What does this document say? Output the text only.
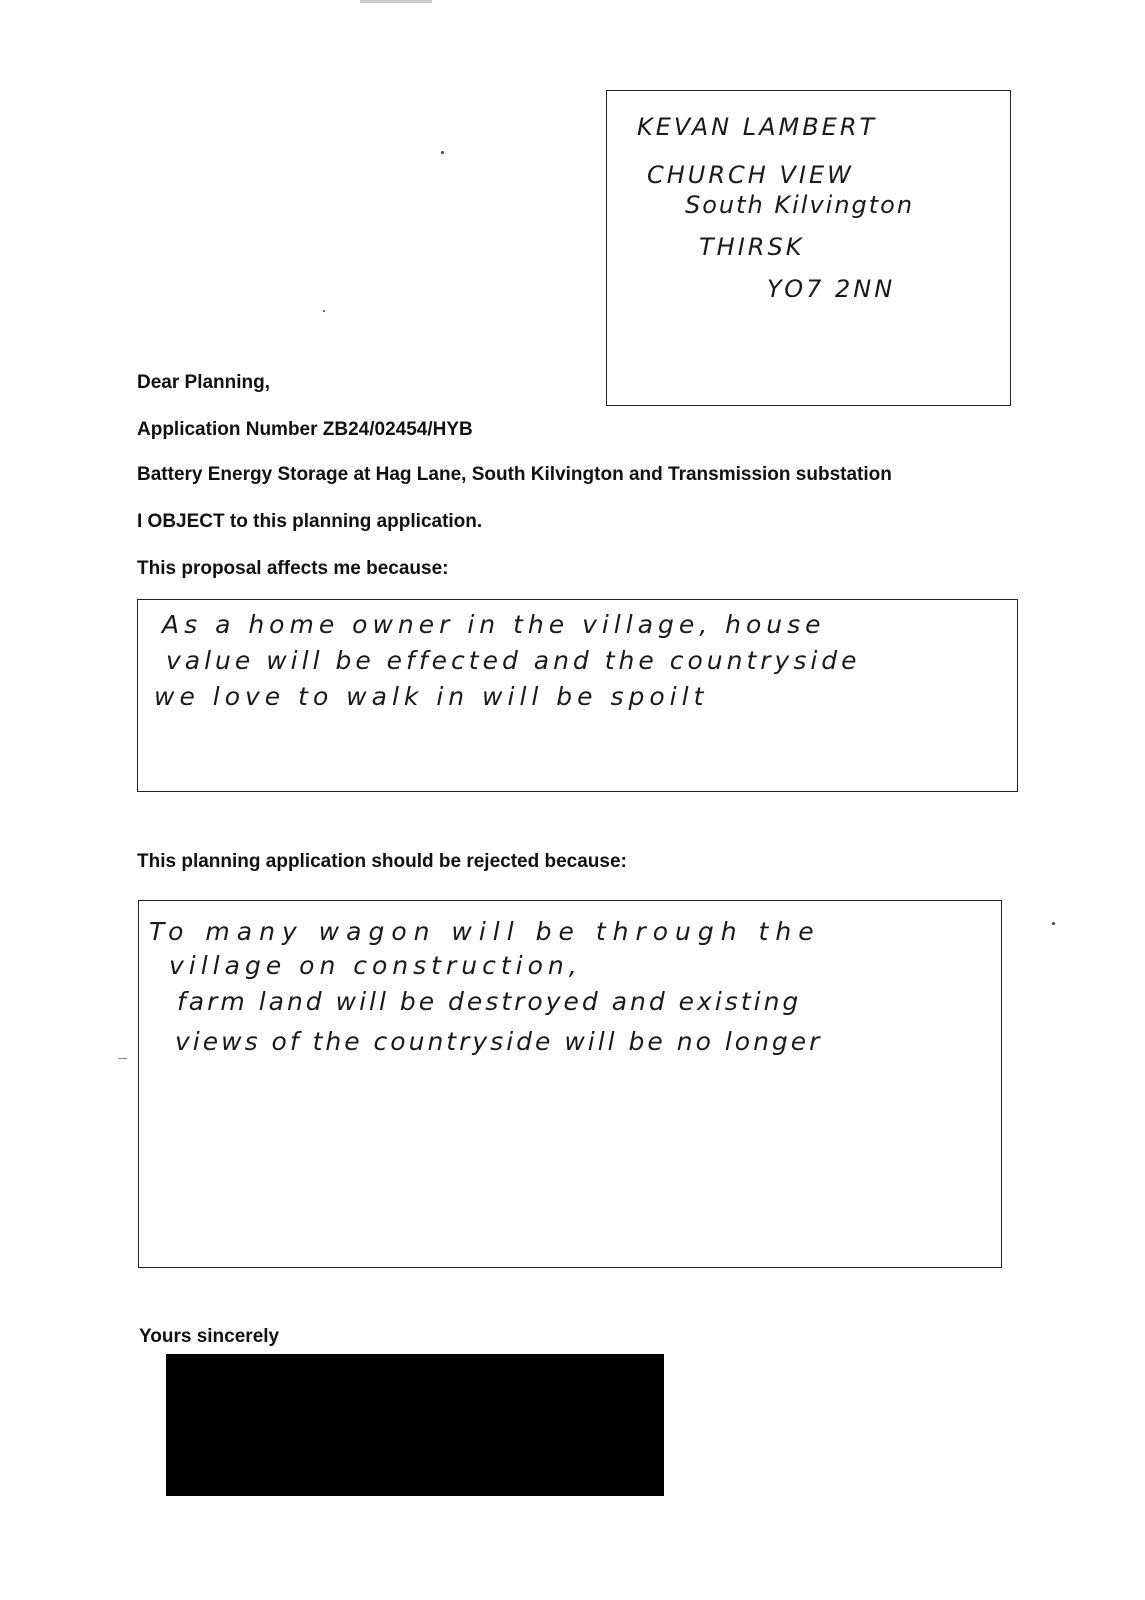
KEVAN LAMBERT
CHURCH VIEW
South Kilvington
THIRSK
YO7 2NN
Dear Planning,
Application Number ZB24/02454/HYB
Battery Energy Storage at Hag Lane, South Kilvington and Transmission substation
I OBJECT to this planning application.
This proposal affects me because:
As a home owner in the village, house
value will be effected and the countryside
we love to walk in will be spoilt
This planning application should be rejected because:
To many wagon will be through the
village on construction,
farm land will be destroyed and existing
views of the countryside will be no longer
Yours sincerely
